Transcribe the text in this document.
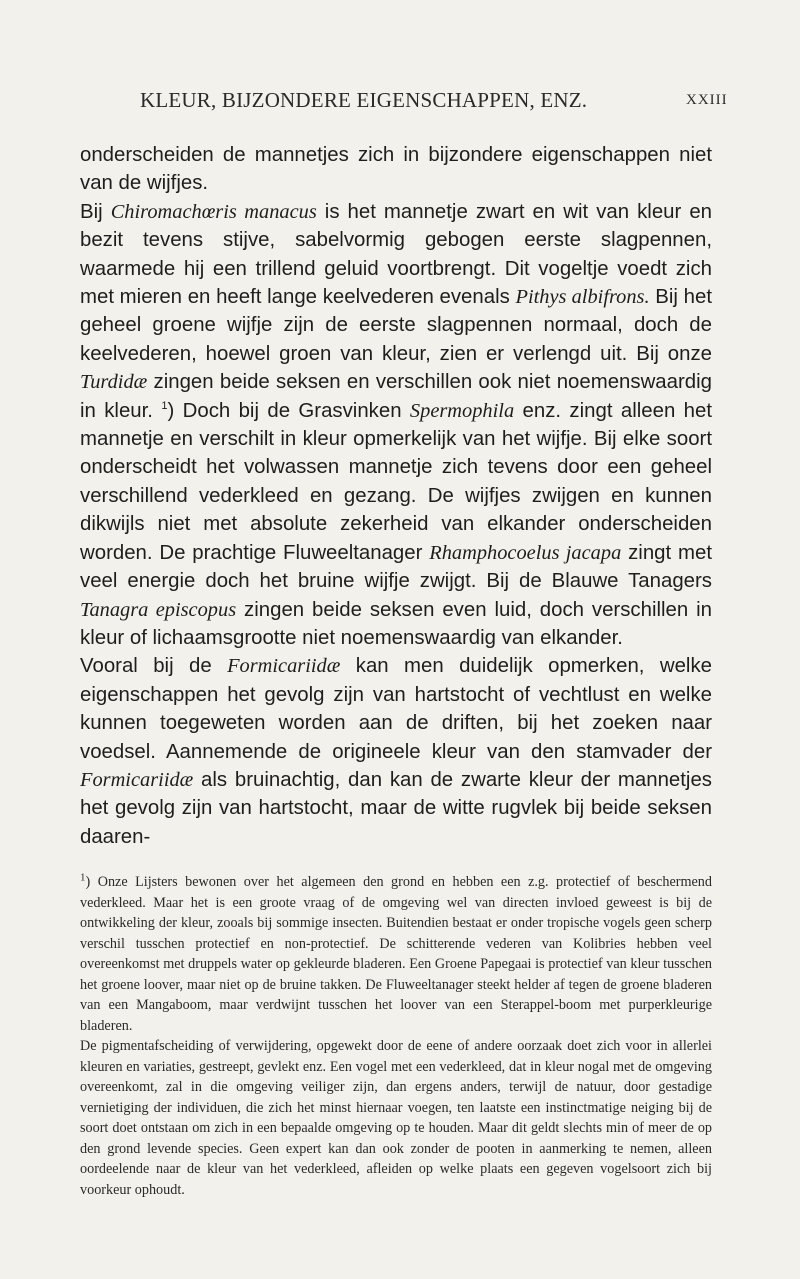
KLEUR, BIJZONDERE EIGENSCHAPPEN, ENZ.	XXIII

onderscheiden de mannetjes zich in bijzondere eigenschappen niet van de wijfjes.

Bij Chiromachœris manacus is het mannetje zwart en wit van kleur en bezit tevens stijve, sabelvormig gebogen eerste slagpennen, waarmede hij een trillend geluid voortbrengt. Dit vogeltje voedt zich met mieren en heeft lange keelvederen evenals Pithys albifrons. Bij het geheel groene wijfje zijn de eerste slagpennen normaal, doch de keelvederen, hoewel groen van kleur, zien er verlengd uit. Bij onze Turdidæ zingen beide seksen en verschillen ook niet noemenswaardig in kleur. $^1$) Doch bij de Grasvinken Spermophila enz. zingt alleen het mannetje en verschilt in kleur opmerkelijk van het wijfje. Bij elke soort onderscheidt het volwassen mannetje zich tevens door een geheel verschillend vederkleed en gezang. De wijfjes zwijgen en kunnen dikwijls niet met absolute zekerheid van elkander onderscheiden worden. De prachtige Fluweeltanager Rhamphocoelus jacapa zingt met veel energie doch het bruine wijfje zwijgt. Bij de Blauwe Tanagers Tanagra episcopus zingen beide seksen even luid, doch verschillen in kleur of lichaamsgrootte niet noemenswaardig van elkander.

Vooral bij de Formicariidæ kan men duidelijk opmerken, welke eigenschappen het gevolg zijn van hartstocht of vechtlust en welke kunnen toegeweten worden aan de driften, bij het zoeken naar voedsel. Aannemende de origineele kleur van den stamvader der Formicariidæ als bruinachtig, dan kan de zwarte kleur der mannetjes het gevolg zijn van hartstocht, maar de witte rugvlek bij beide seksen daaren-

$^1$) Onze Lijsters bewonen over het algemeen den grond en hebben een z.g. protectief of beschermend vederkleed. Maar het is een groote vraag of de omgeving wel van directen invloed geweest is bij de ontwikkeling der kleur, zooals bij sommige insecten. Buitendien bestaat er onder tropische vogels geen scherp verschil tusschen protectief en non-protectief. De schitterende vederen van Kolibries hebben veel overeenkomst met druppels water op gekleurde bladeren. Een Groene Papegaai is protectief van kleur tusschen het groene loover, maar niet op de bruine takken. De Fluweeltanager steekt helder af tegen de groene bladeren van een Mangaboom, maar verdwijnt tusschen het loover van een Sterappel-boom met purperkleurige bladeren.

De pigmentafscheiding of verwijdering, opgewekt door de eene of andere oorzaak doet zich voor in allerlei kleuren en variaties, gestreept, gevlekt enz. Een vogel met een vederkleed, dat in kleur nogal met de omgeving overeenkomt, zal in die omgeving veiliger zijn, dan ergens anders, terwijl de natuur, door gestadige vernietiging der individuen, die zich het minst hiernaar voegen, ten laatste een instinctmatige neiging bij de soort doet ontstaan om zich in een bepaalde omgeving op te houden. Maar dit geldt slechts min of meer de op den grond levende species. Geen expert kan dan ook zonder de pooten in aanmerking te nemen, alleen oordeelende naar de kleur van het vederkleed, afleiden op welke plaats een gegeven vogelsoort zich bij voorkeur ophoudt.
